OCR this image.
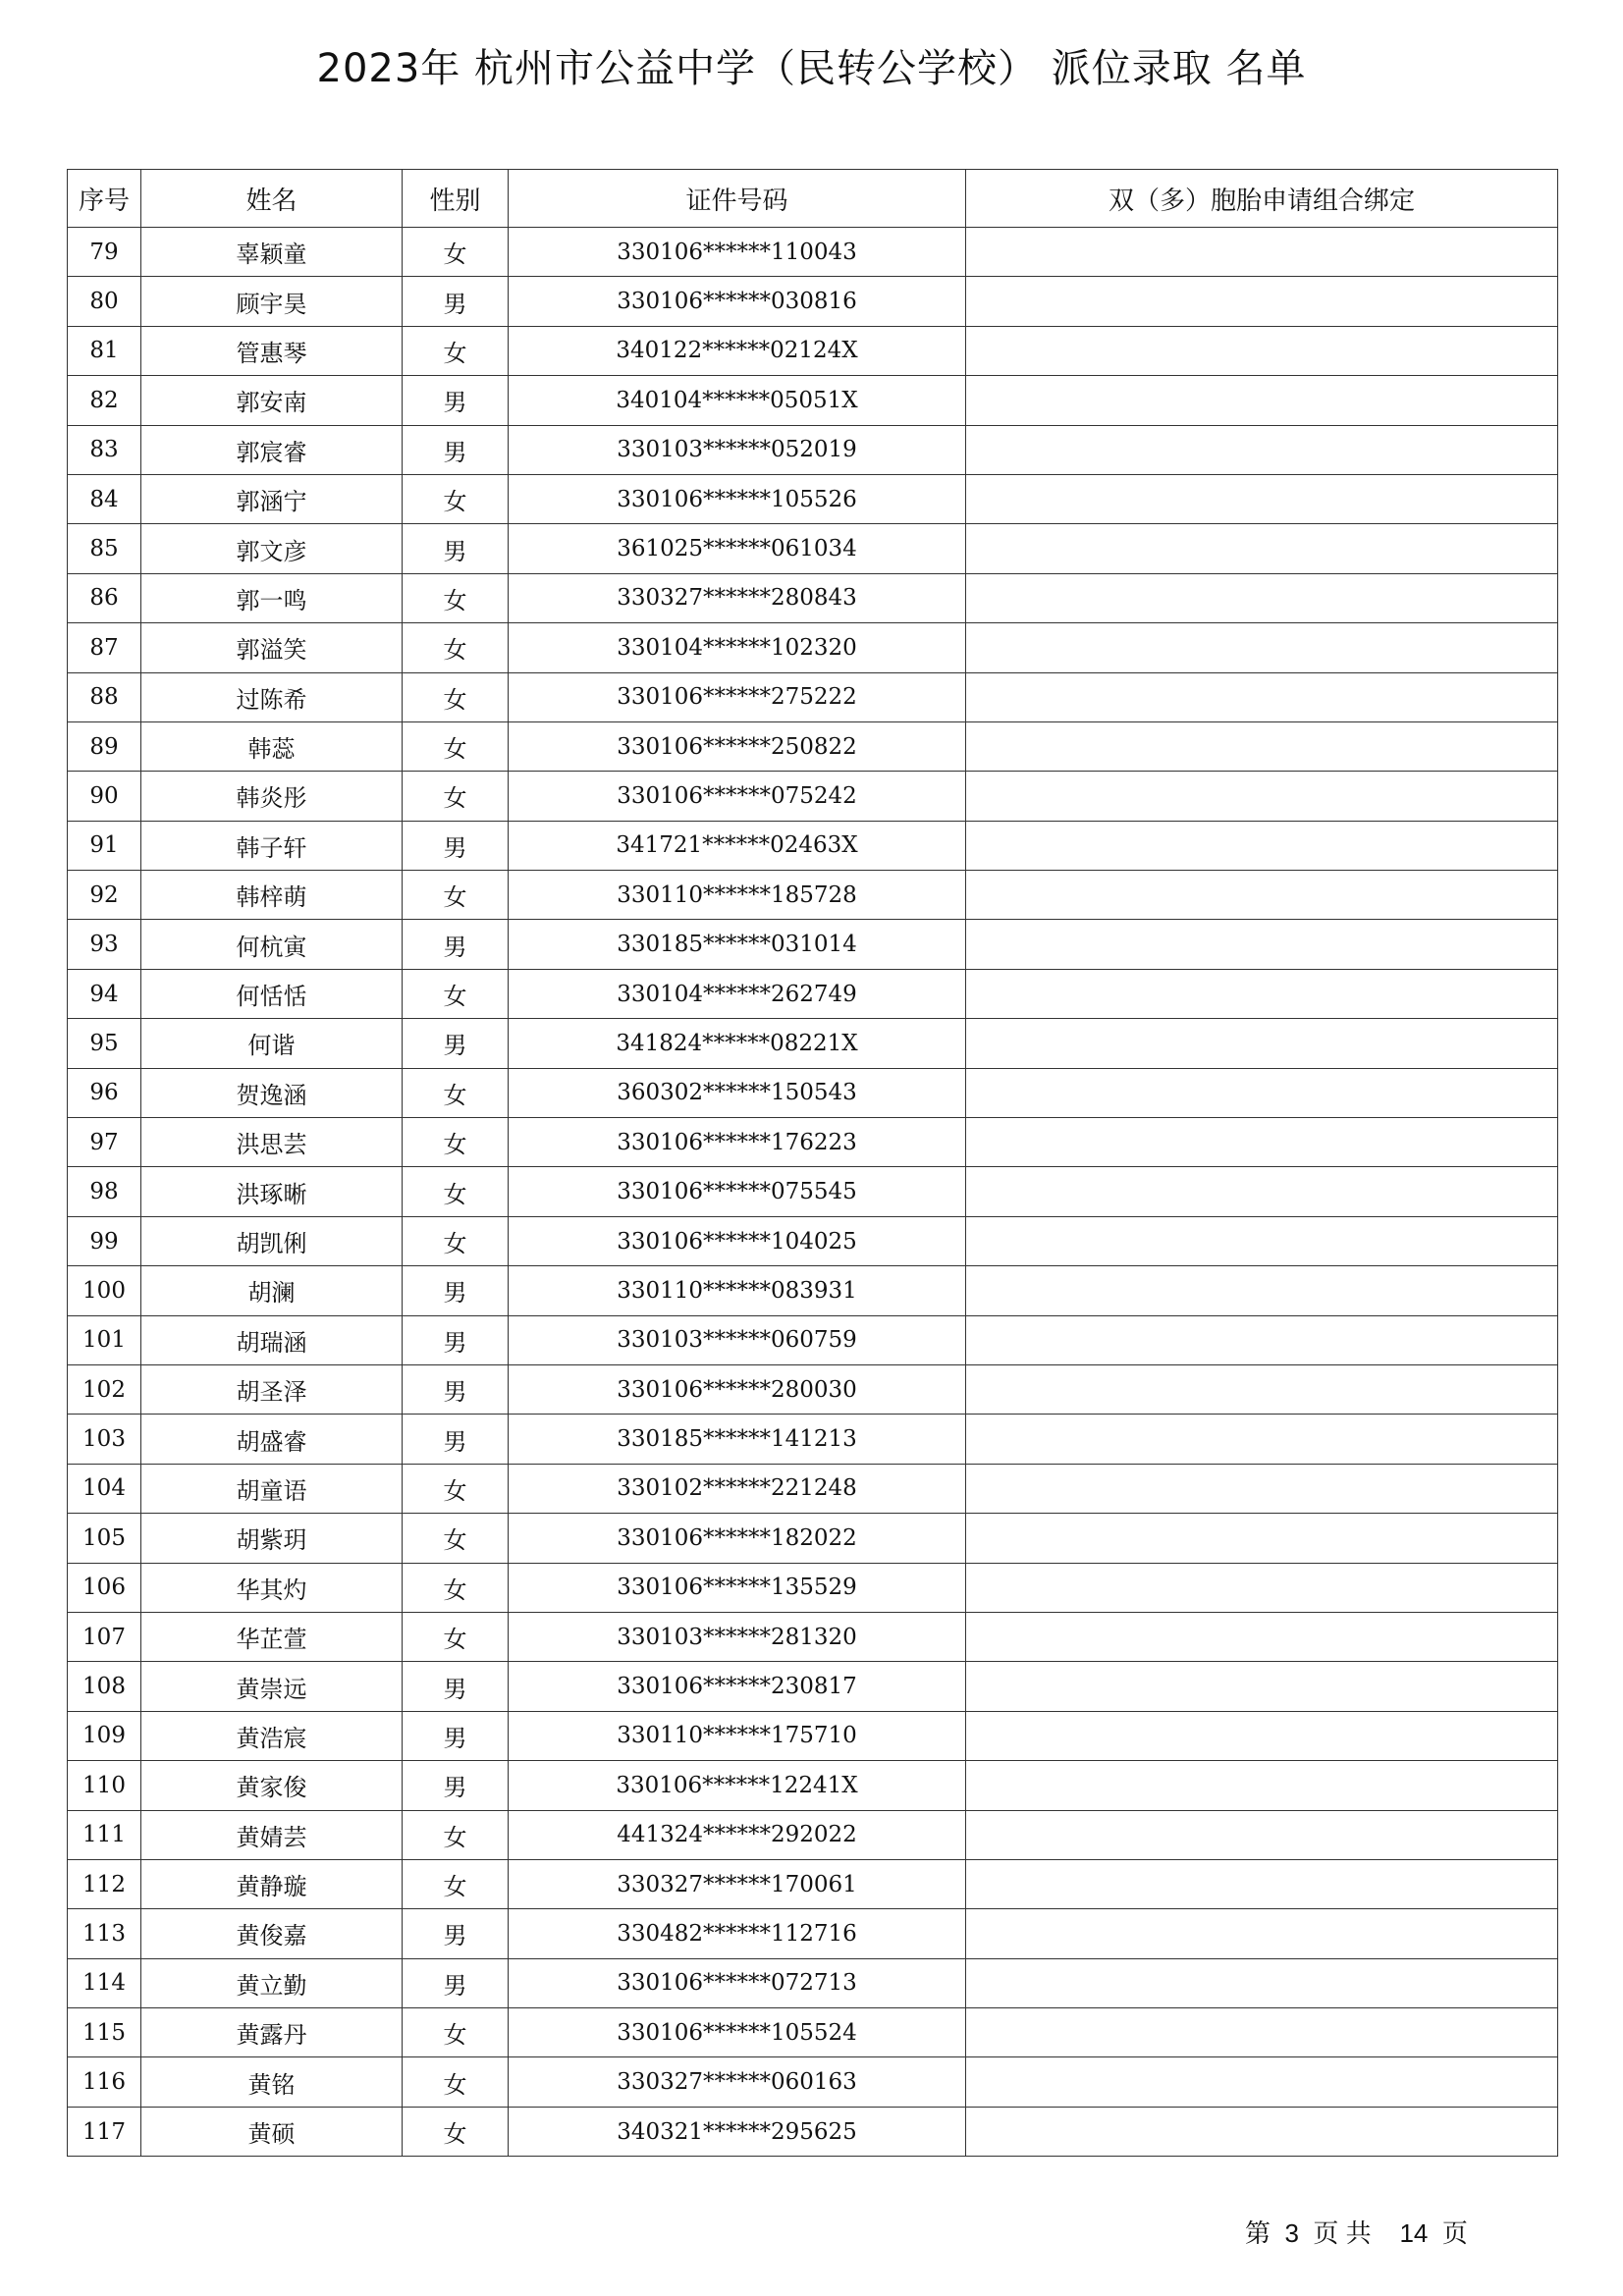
2023年 杭州市公益中学（民转公学校） 派位录取 名单
序号	姓名	性别	证件号码	双（多）胞胎申请组合绑定
79	辜颖童	女	330106******110043	
80	顾宇昊	男	330106******030816	
81	管惠琴	女	340122******02124X	
82	郭安南	男	340104******05051X	
83	郭宸睿	男	330103******052019	
84	郭涵宁	女	330106******105526	
85	郭文彦	男	361025******061034	
86	郭一鸣	女	330327******280843	
87	郭溢笑	女	330104******102320	
88	过陈希	女	330106******275222	
89	韩蕊	女	330106******250822	
90	韩炎彤	女	330106******075242	
91	韩子轩	男	341721******02463X	
92	韩梓萌	女	330110******185728	
93	何杭寅	男	330185******031014	
94	何恬恬	女	330104******262749	
95	何谐	男	341824******08221X	
96	贺逸涵	女	360302******150543	
97	洪思芸	女	330106******176223	
98	洪琢晰	女	330106******075545	
99	胡凯俐	女	330106******104025	
100	胡澜	男	330110******083931	
101	胡瑞涵	男	330103******060759	
102	胡圣泽	男	330106******280030	
103	胡盛睿	男	330185******141213	
104	胡童语	女	330102******221248	
105	胡紫玥	女	330106******182022	
106	华其灼	女	330106******135529	
107	华芷萱	女	330103******281320	
108	黄崇远	男	330106******230817	
109	黄浩宸	男	330110******175710	
110	黄家俊	男	330106******12241X	
111	黄婧芸	女	441324******292022	
112	黄静璇	女	330327******170061	
113	黄俊嘉	男	330482******112716	
114	黄立勤	男	330106******072713	
115	黄露丹	女	330106******105524	
116	黄铭	女	330327******060163	
117	黄硕	女	340321******295625	
第  3  页 共    14  页
